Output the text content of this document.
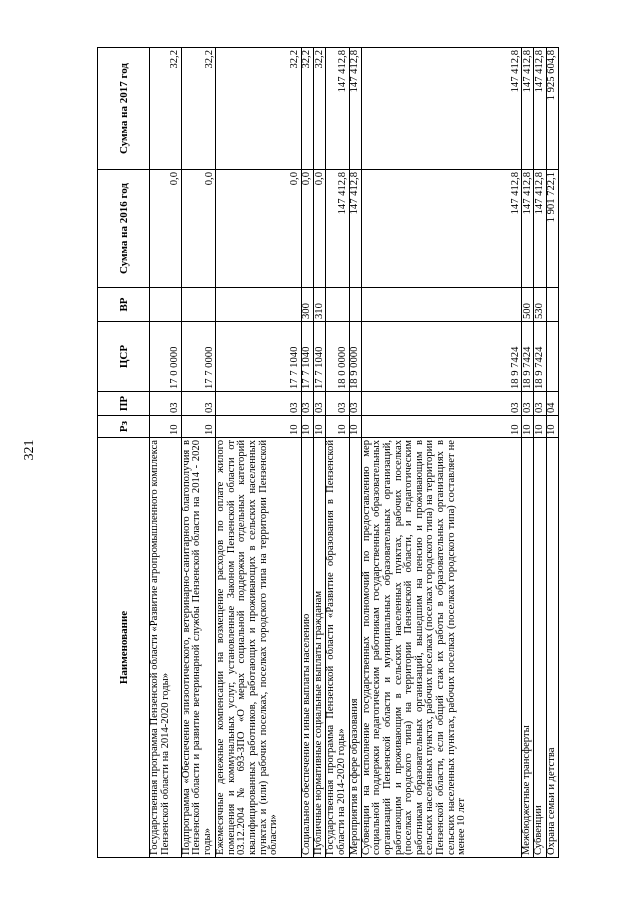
321
Наименование	Рз	ПР	ЦСР	ВР	Сумма на 2016 год	Сумма на 2017 год
Государственная программа Пензенской области «Развитие агропромышленного комплекса Пензенской области на 2014-2020 годы»	10	03	17 0 0000		0,0	32,2
Подпрограмма «Обеспечение эпизоотического, ветеринарно-санитарного благополучия в Пензенской области и развитие ветеринарной службы Пензенской области на 2014 - 2020 годы»	10	03	17 7 0000		0,0	32,2
Ежемесячные денежные компенсации на возмещение расходов по оплате жилого помещения и коммунальных услуг, установленные Законом Пензенской области от 03.12.2004 № 693-ЗПО «О мерах социальной поддержки отдельных категорий квалифицированных работников, работающих и проживающих в сельских населенных пунктах и (или) рабочих поселках, поселках городского типа на территории Пензенской области»	10	03	17 7 1040		0,0	32,2
Социальное обеспечение и иные выплаты населению	10	03	17 7 1040	300	0,0	32,2
Публичные нормативные социальные выплаты гражданам	10	03	17 7 1040	310	0,0	32,2
Государственная программа Пензенской области «Развитие образования в Пензенской области на 2014-2020 годы»	10	03	18 0 0000		147 412,8	147 412,8
Мероприятия в сфере образования	10	03	18 9 0000		147 412,8	147 412,8
Субвенции на исполнение государственных полномочий по предоставлению мер социальной поддержки педагогическим работникам государственных образовательных организаций Пензенской области и муниципальных образовательных организаций, работающим и проживающим в сельских населенных пунктах, рабочих поселках (поселках городского типа) на территории Пензенской области, и педагогическим работникам образовательных организаций, вышедшим на пенсию и проживающим в сельских населенных пунктах, рабочих поселках (поселках городского типа) на территории Пензенской области, если общий стаж их работы в образовательных организациях в сельских населенных пунктах, рабочих поселках (поселках городского типа) составляет не менее 10 лет	10	03	18 9 7424		147 412,8	147 412,8
Межбюджетные трансферты	10	03	18 9 7424	500	147 412,8	147 412,8
Субвенции	10	03	18 9 7424	530	147 412,8	147 412,8
Охрана семьи и детства	10	04			1 901 722,1	1 925 604,8
